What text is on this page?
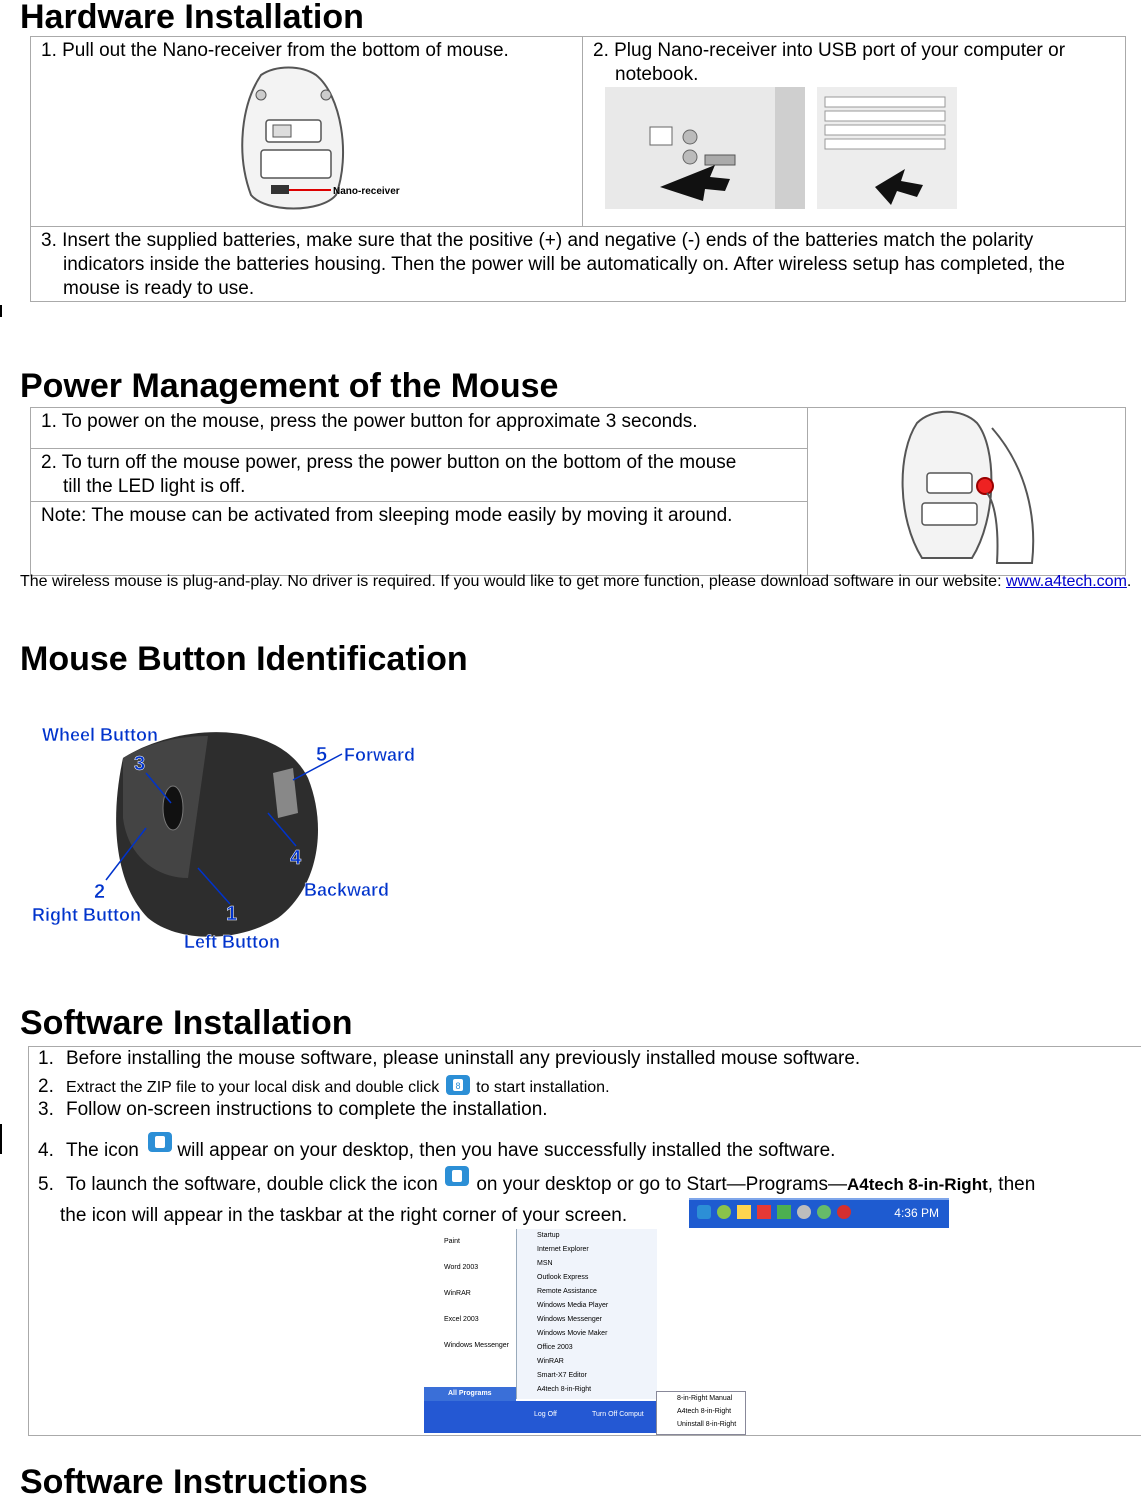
Hardware Installation
1. Pull out the Nano-receiver from the bottom of mouse.
Nano-receiver

2. Plug Nano-receiver into USB port of your computer or notebook.

3. Insert the supplied batteries, make sure that the positive (+) and negative (-) ends of the batteries match the polarity indicators inside the batteries housing. Then the power will be automatically on. After wireless setup has completed, the mouse is ready to use.
Power Management of the Mouse
1. To power on the mouse, press the power button for approximate 3 seconds.

2. To turn off the mouse power, press the power button on the bottom of the mouse till the LED light is off.

Note: The mouse can be activated from sleeping mode easily by moving it around.
The wireless mouse is plug-and-play. No driver is required. If you would like to get more function, please download software in our website: www.a4tech.com.
Mouse Button Identification
Wheel Button
3	5 Forward
4
Backward
2
Right Button	1
Left Button
Software Installation
1. Before installing the mouse software, please uninstall any previously installed mouse software.
2. Extract the ZIP file to your local disk and double click 8 to start installation.
3. Follow on-screen instructions to complete the installation.
4. The icon  will appear on your desktop, then you have successfully installed the software.
5. To launch the software, double click the icon  on your desktop or go to Start—Programs—A4tech 8-in-Right, then
the icon will appear in the taskbar at the right corner of your screen.	4:36 PM
Paint
Word 2003
WinRAR
Excel 2003
Windows Messenger
Startup
Internet Explorer
MSN
Outlook Express
Remote Assistance
Windows Media Player
Windows Messenger
Windows Movie Maker
Office 2003
WinRAR
Smart-X7 Editor
A4tech 8-in-Right
All Programs
Log Off	Turn Off Comput
8-in-Right Manual
A4tech 8-in-Right
Uninstall 8-in-Right
Software Instructions
